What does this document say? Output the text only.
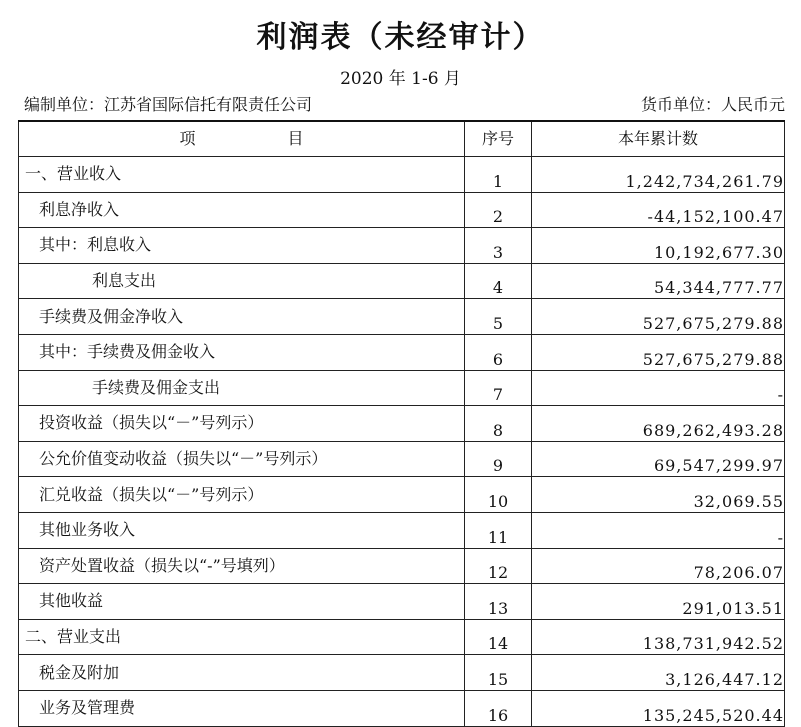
利润表（未经审计）
2020 年 1-6 月
编制单位：江苏省国际信托有限责任公司	货币单位：人民币元
项 目	序号	本年累计数
一、营业收入	1	1,242,734,261.79
利息净收入	2	-44,152,100.47
其中：利息收入	3	10,192,677.30
利息支出	4	54,344,777.77
手续费及佣金净收入	5	527,675,279.88
其中：手续费及佣金收入	6	527,675,279.88
手续费及佣金支出	7	-
投资收益（损失以“－”号列示）	8	689,262,493.28
公允价值变动收益（损失以“－”号列示）	9	69,547,299.97
汇兑收益（损失以“－”号列示）	10	32,069.55
其他业务收入	11	-
资产处置收益（损失以“-”号填列）	12	78,206.07
其他收益	13	291,013.51
二、营业支出	14	138,731,942.52
税金及附加	15	3,126,447.12
业务及管理费	16	135,245,520.44
